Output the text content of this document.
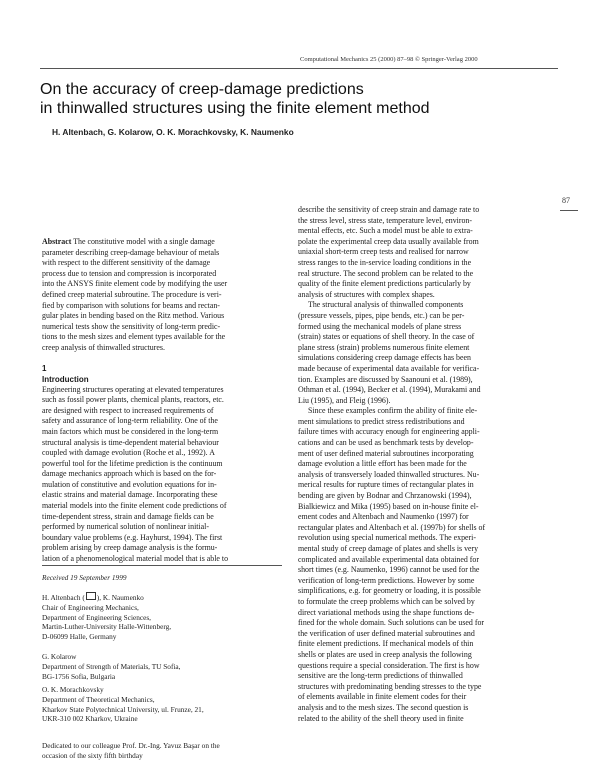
Computational Mechanics 25 (2000) 87–98 © Springer-Verlag 2000
On the accuracy of creep-damage predictions
in thinwalled structures using the finite element method
H. Altenbach, G. Kolarow, O. K. Morachkovsky, K. Naumenko
87

Abstract The constitutive model with a single damage

parameter describing creep-damage behaviour of metals

with respect to the different sensitivity of the damage

process due to tension and compression is incorporated

into the ANSYS finite element code by modifying the user

defined creep material subroutine. The procedure is veri-

fied by comparison with solutions for beams and rectan-

gular plates in bending based on the Ritz method. Various

numerical tests show the sensitivity of long-term predic-

tions to the mesh sizes and element types available for the

creep analysis of thinwalled structures.

1

Introduction

Engineering structures operating at elevated temperatures

such as fossil power plants, chemical plants, reactors, etc.

are designed with respect to increased requirements of

safety and assurance of long-term reliability. One of the

main factors which must be considered in the long-term

structural analysis is time-dependent material behaviour

coupled with damage evolution (Roche et al., 1992). A

powerful tool for the lifetime prediction is the continuum

damage mechanics approach which is based on the for-

mulation of constitutive and evolution equations for in-

elastic strains and material damage. Incorporating these

material models into the finite element code predictions of

time-dependent stress, strain and damage fields can be

performed by numerical solution of nonlinear initial-

boundary value problems (e.g. Hayhurst, 1994). The first

problem arising by creep damage analysis is the formu-

lation of a phenomenological material model that is able to

describe the sensitivity of creep strain and damage rate to

the stress level, stress state, temperature level, environ-

mental effects, etc. Such a model must be able to extra-

polate the experimental creep data usually available from

uniaxial short-term creep tests and realised for narrow

stress ranges to the in-service loading conditions in the

real structure. The second problem can be related to the

quality of the finite element predictions particularly by

analysis of structures with complex shapes.

The structural analysis of thinwalled components

(pressure vessels, pipes, pipe bends, etc.) can be per-

formed using the mechanical models of plane stress

(strain) states or equations of shell theory. In the case of

plane stress (strain) problems numerous finite element

simulations considering creep damage effects has been

made because of experimental data available for verifica-

tion. Examples are discussed by Saanouni et al. (1989),

Othman et al. (1994), Becker et al. (1994), Murakami and

Liu (1995), and Fleig (1996).

Since these examples confirm the ability of finite ele-

ment simulations to predict stress redistributions and

failure times with accuracy enough for engineering appli-

cations and can be used as benchmark tests by develop-

ment of user defined material subroutines incorporating

damage evolution a little effort has been made for the

analysis of transversely loaded thinwalled structures. Nu-

merical results for rupture times of rectangular plates in

bending are given by Bodnar and Chrzanowski (1994),

Bialkiewicz and Mika (1995) based on in-house finite el-

ement codes and Altenbach and Naumenko (1997) for

rectangular plates and Altenbach et al. (1997b) for shells of

revolution using special numerical methods. The experi-

mental study of creep damage of plates and shells is very

complicated and available experimental data obtained for

short times (e.g. Naumenko, 1996) cannot be used for the

verification of long-term predictions. However by some

simplifications, e.g. for geometry or loading, it is possible

to formulate the creep problems which can be solved by

direct variational methods using the shape functions de-

fined for the whole domain. Such solutions can be used for

the verification of user defined material subroutines and

finite element predictions. If mechanical models of thin

shells or plates are used in creep analysis the following

questions require a special consideration. The first is how

sensitive are the long-term predictions of thinwalled

structures with predominating bending stresses to the type

of elements available in finite element codes for their

analysis and to the mesh sizes. The second question is

related to the ability of the shell theory used in finite

Received 19 September 1999

H. Altenbach ( ), K. Naumenko

Chair of Engineering Mechanics,

Department of Engineering Sciences,

Martin-Luther-University Halle-Wittenberg,

D-06099 Halle, Germany

G. Kolarow

Department of Strength of Materials, TU Sofia,

BG-1756 Sofia, Bulgaria

O. K. Morachkovsky

Department of Theoretical Mechanics,

Kharkov State Polytechnical University, ul. Frunze, 21,

UKR-310 002 Kharkov, Ukraine

Dedicated to our colleague Prof. Dr.-Ing. Yavuz Başar on the

occasion of the sixty fifth birthday
